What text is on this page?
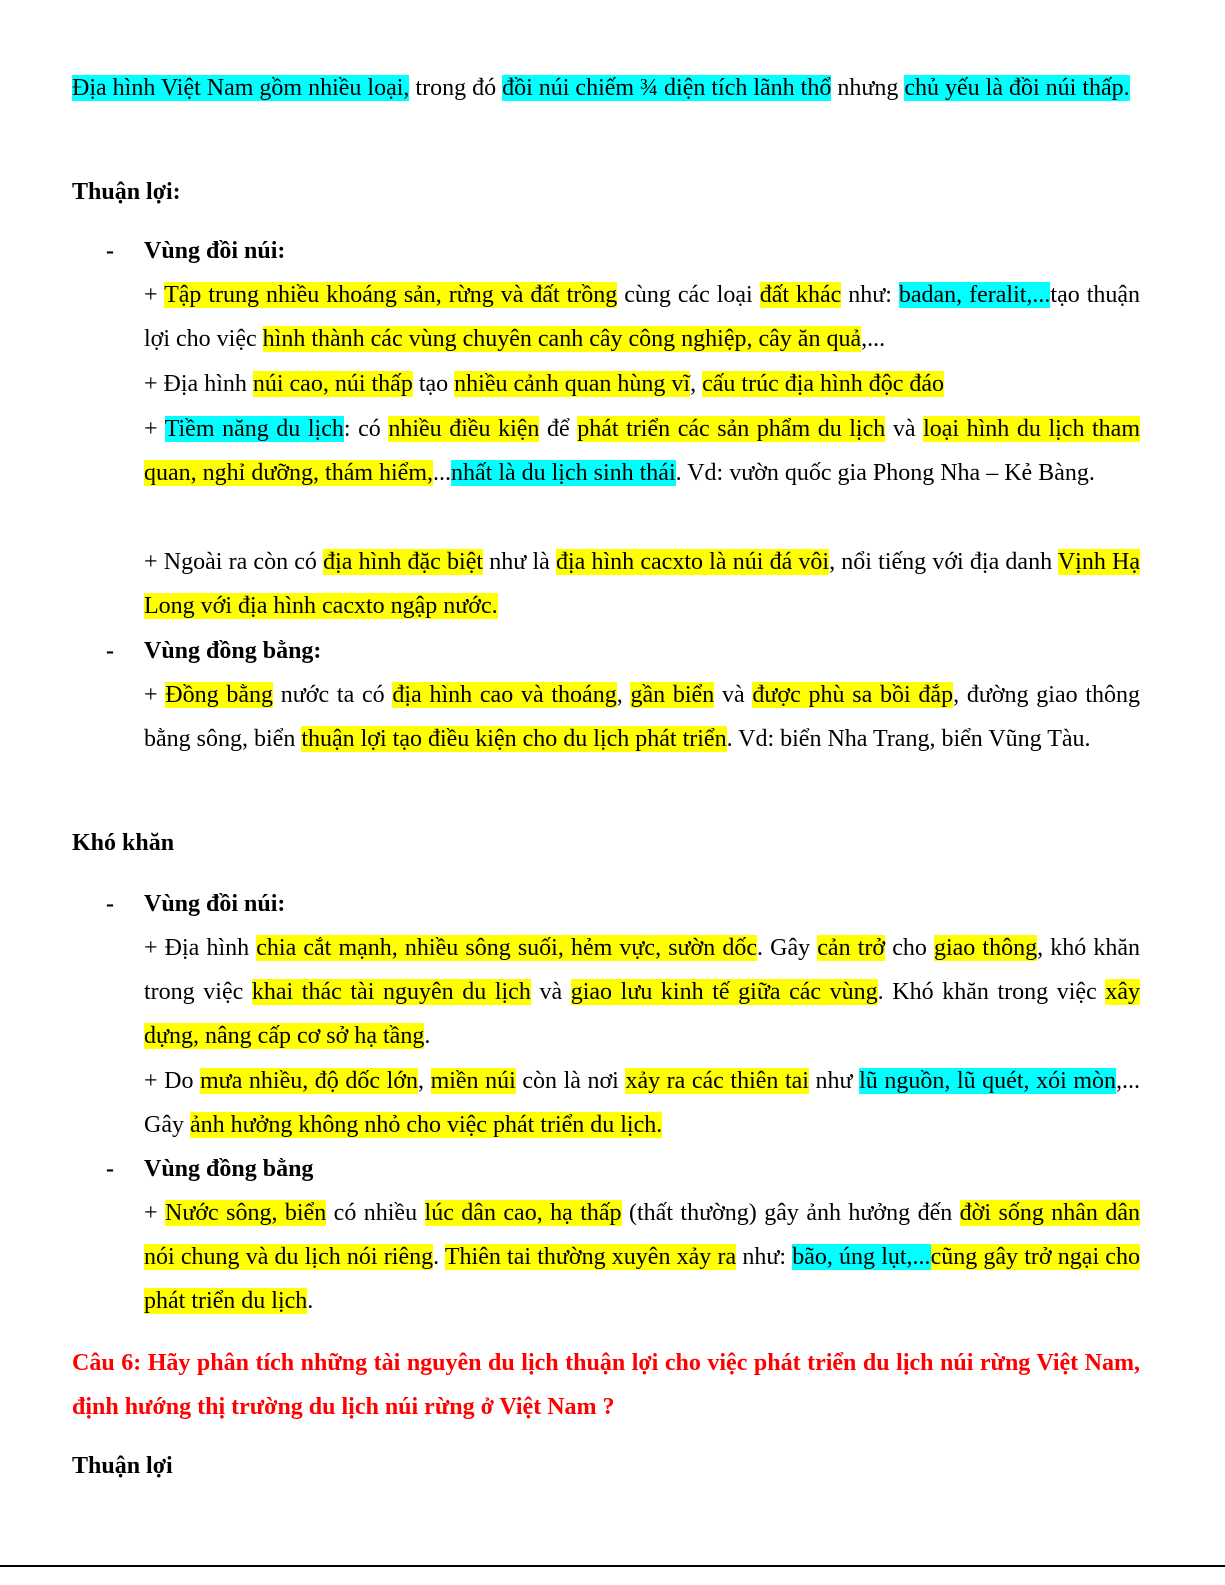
Địa hình Việt Nam gồm nhiều loại, trong đó đồi núi chiếm ¾ diện tích lãnh thổ nhưng chủ yếu là đồi núi thấp.

Thuận lợi:

- Vùng đồi núi:

+ Tập trung nhiều khoáng sản, rừng và đất trồng cùng các loại đất khác như: badan, feralit,...tạo thuận lợi cho việc hình thành các vùng chuyên canh cây công nghiệp, cây ăn quả,...

+ Địa hình núi cao, núi thấp tạo nhiều cảnh quan hùng vĩ, cấu trúc địa hình độc đáo

+ Tiềm năng du lịch: có nhiều điều kiện để phát triển các sản phẩm du lịch và loại hình du lịch tham quan, nghỉ dưỡng, thám hiểm,...nhất là du lịch sinh thái. Vd: vườn quốc gia Phong Nha – Kẻ Bàng.

+ Ngoài ra còn có địa hình đặc biệt như là địa hình cacxto là núi đá vôi, nổi tiếng với địa danh Vịnh Hạ Long với địa hình cacxto ngập nước.

- Vùng đồng bằng:

+ Đồng bằng nước ta có địa hình cao và thoáng, gần biển và được phù sa bồi đắp, đường giao thông bằng sông, biển thuận lợi tạo điều kiện cho du lịch phát triển. Vd: biển Nha Trang, biển Vũng Tàu.

Khó khăn

- Vùng đồi núi:

+ Địa hình chia cắt mạnh, nhiều sông suối, hẻm vực, sườn dốc. Gây cản trở cho giao thông, khó khăn trong việc khai thác tài nguyên du lịch và giao lưu kinh tế giữa các vùng. Khó khăn trong việc xây dựng, nâng cấp cơ sở hạ tầng.

+ Do mưa nhiều, độ dốc lớn, miền núi còn là nơi xảy ra các thiên tai như lũ nguồn, lũ quét, xói mòn,... Gây ảnh hưởng không nhỏ cho việc phát triển du lịch.

- Vùng đồng bằng

+ Nước sông, biển có nhiều lúc dân cao, hạ thấp (thất thường) gây ảnh hưởng đến đời sống nhân dân nói chung và du lịch nói riêng. Thiên tai thường xuyên xảy ra như: bão, úng lụt,...cũng gây trở ngại cho phát triển du lịch.

Câu 6: Hãy phân tích những tài nguyên du lịch thuận lợi cho việc phát triển du lịch núi rừng Việt Nam, định hướng thị trường du lịch núi rừng ở Việt Nam ?

Thuận lợi
